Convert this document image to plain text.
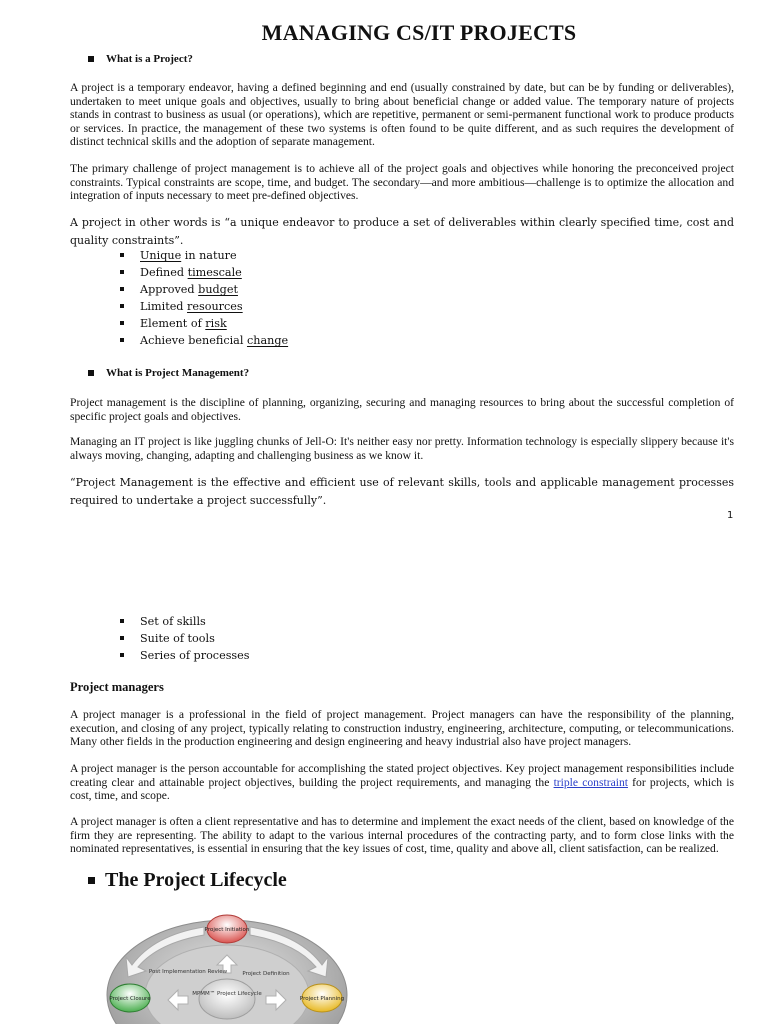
MANAGING CS/IT PROJECTS
What is a Project?
A project is a temporary endeavor, having a defined beginning and end (usually constrained by date, but can be by funding or deliverables), undertaken to meet unique goals and objectives, usually to bring about beneficial change or added value. The temporary nature of projects stands in contrast to business as usual (or operations), which are repetitive, permanent or semi-permanent functional work to produce products or services. In practice, the management of these two systems is often found to be quite different, and as such requires the development of distinct technical skills and the adoption of separate management.
The primary challenge of project management is to achieve all of the project goals and objectives while honoring the preconceived project constraints. Typical constraints are scope, time, and budget. The secondary—and more ambitious—challenge is to optimize the allocation and integration of inputs necessary to meet pre-defined objectives.
A project in other words is “a unique endeavor to produce a set of deliverables within clearly specified time, cost and quality constraints”.
Unique in nature
Defined timescale
Approved budget
Limited resources
Element of risk
Achieve beneficial change
What is Project Management?
Project management is the discipline of planning, organizing, securing and managing resources to bring about the successful completion of specific project goals and objectives.
Managing an IT project is like juggling chunks of Jell-O: It's neither easy nor pretty. Information technology is especially slippery because it's always moving, changing, adapting and challenging business as we know it.
“Project Management is the effective and efficient use of relevant skills, tools and applicable management processes required to undertake a project successfully”.
1
Set of skills
Suite of tools
Series of processes
Project managers
A project manager is a professional in the field of project management. Project managers can have the responsibility of the planning, execution, and closing of any project, typically relating to construction industry, engineering, architecture, computing, or telecommunications. Many other fields in the production engineering and design engineering and heavy industrial also have project managers.
A project manager is the person accountable for accomplishing the stated project objectives. Key project management responsibilities include creating clear and attainable project objectives, building the project requirements, and managing the triple constraint for projects, which is cost, time, and scope.
A project manager is often a client representative and has to determine and implement the exact needs of the client, based on knowledge of the firm they are representing. The ability to adapt to the various internal procedures of the contracting party, and to form close links with the nominated representatives, is essential in ensuring that the key issues of cost, time, quality and above all, client satisfaction, can be realized.
The Project Lifecycle
MPMM™ Project Lifecycle
Post Implementation Review	Project Definition
Project Initiation
Project Planning
Project Closure
